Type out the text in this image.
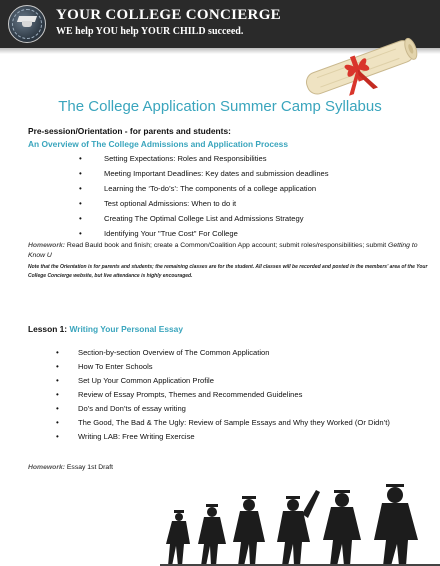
YOUR COLLEGE CONCIERGE
WE help YOU help YOUR CHILD succeed.
The College Application Summer Camp Syllabus
Pre-session/Orientation - for parents and students:
An Overview of The College Admissions and Application Process
•	Setting Expectations: Roles and Responsibilities
•	Meeting Important Deadlines: Key dates and submission deadlines
•	Learning the ‘To-do’s’: The components of a college application
•	Test optional Admissions: When to do it
•	Creating The Optimal College List and Admissions Strategy
•	Identifying Your "True Cost" For College
Homework: Read Bauld book and finish; create a Common/Coalition App account; submit roles/responsibilities; submit Getting to Know U
Note that the Orientation is for parents and students; the remaining classes are for the student. All classes will be recorded and posted in the members' area of the Your College Concierge website, but live attendance is highly encouraged.
Lesson 1: Writing Your Personal Essay
•	Section-by-section Overview of The Common Application
•	How To Enter Schools
•	Set Up Your Common Application Profile
•	Review of Essay Prompts, Themes and Recommended Guidelines
•	Do’s and Don’ts of essay writing
•	The Good, The Bad & The Ugly: Review of Sample Essays and Why they Worked (Or Didn’t)
•	Writing LAB: Free Writing Exercise
Homework: Essay 1st Draft
